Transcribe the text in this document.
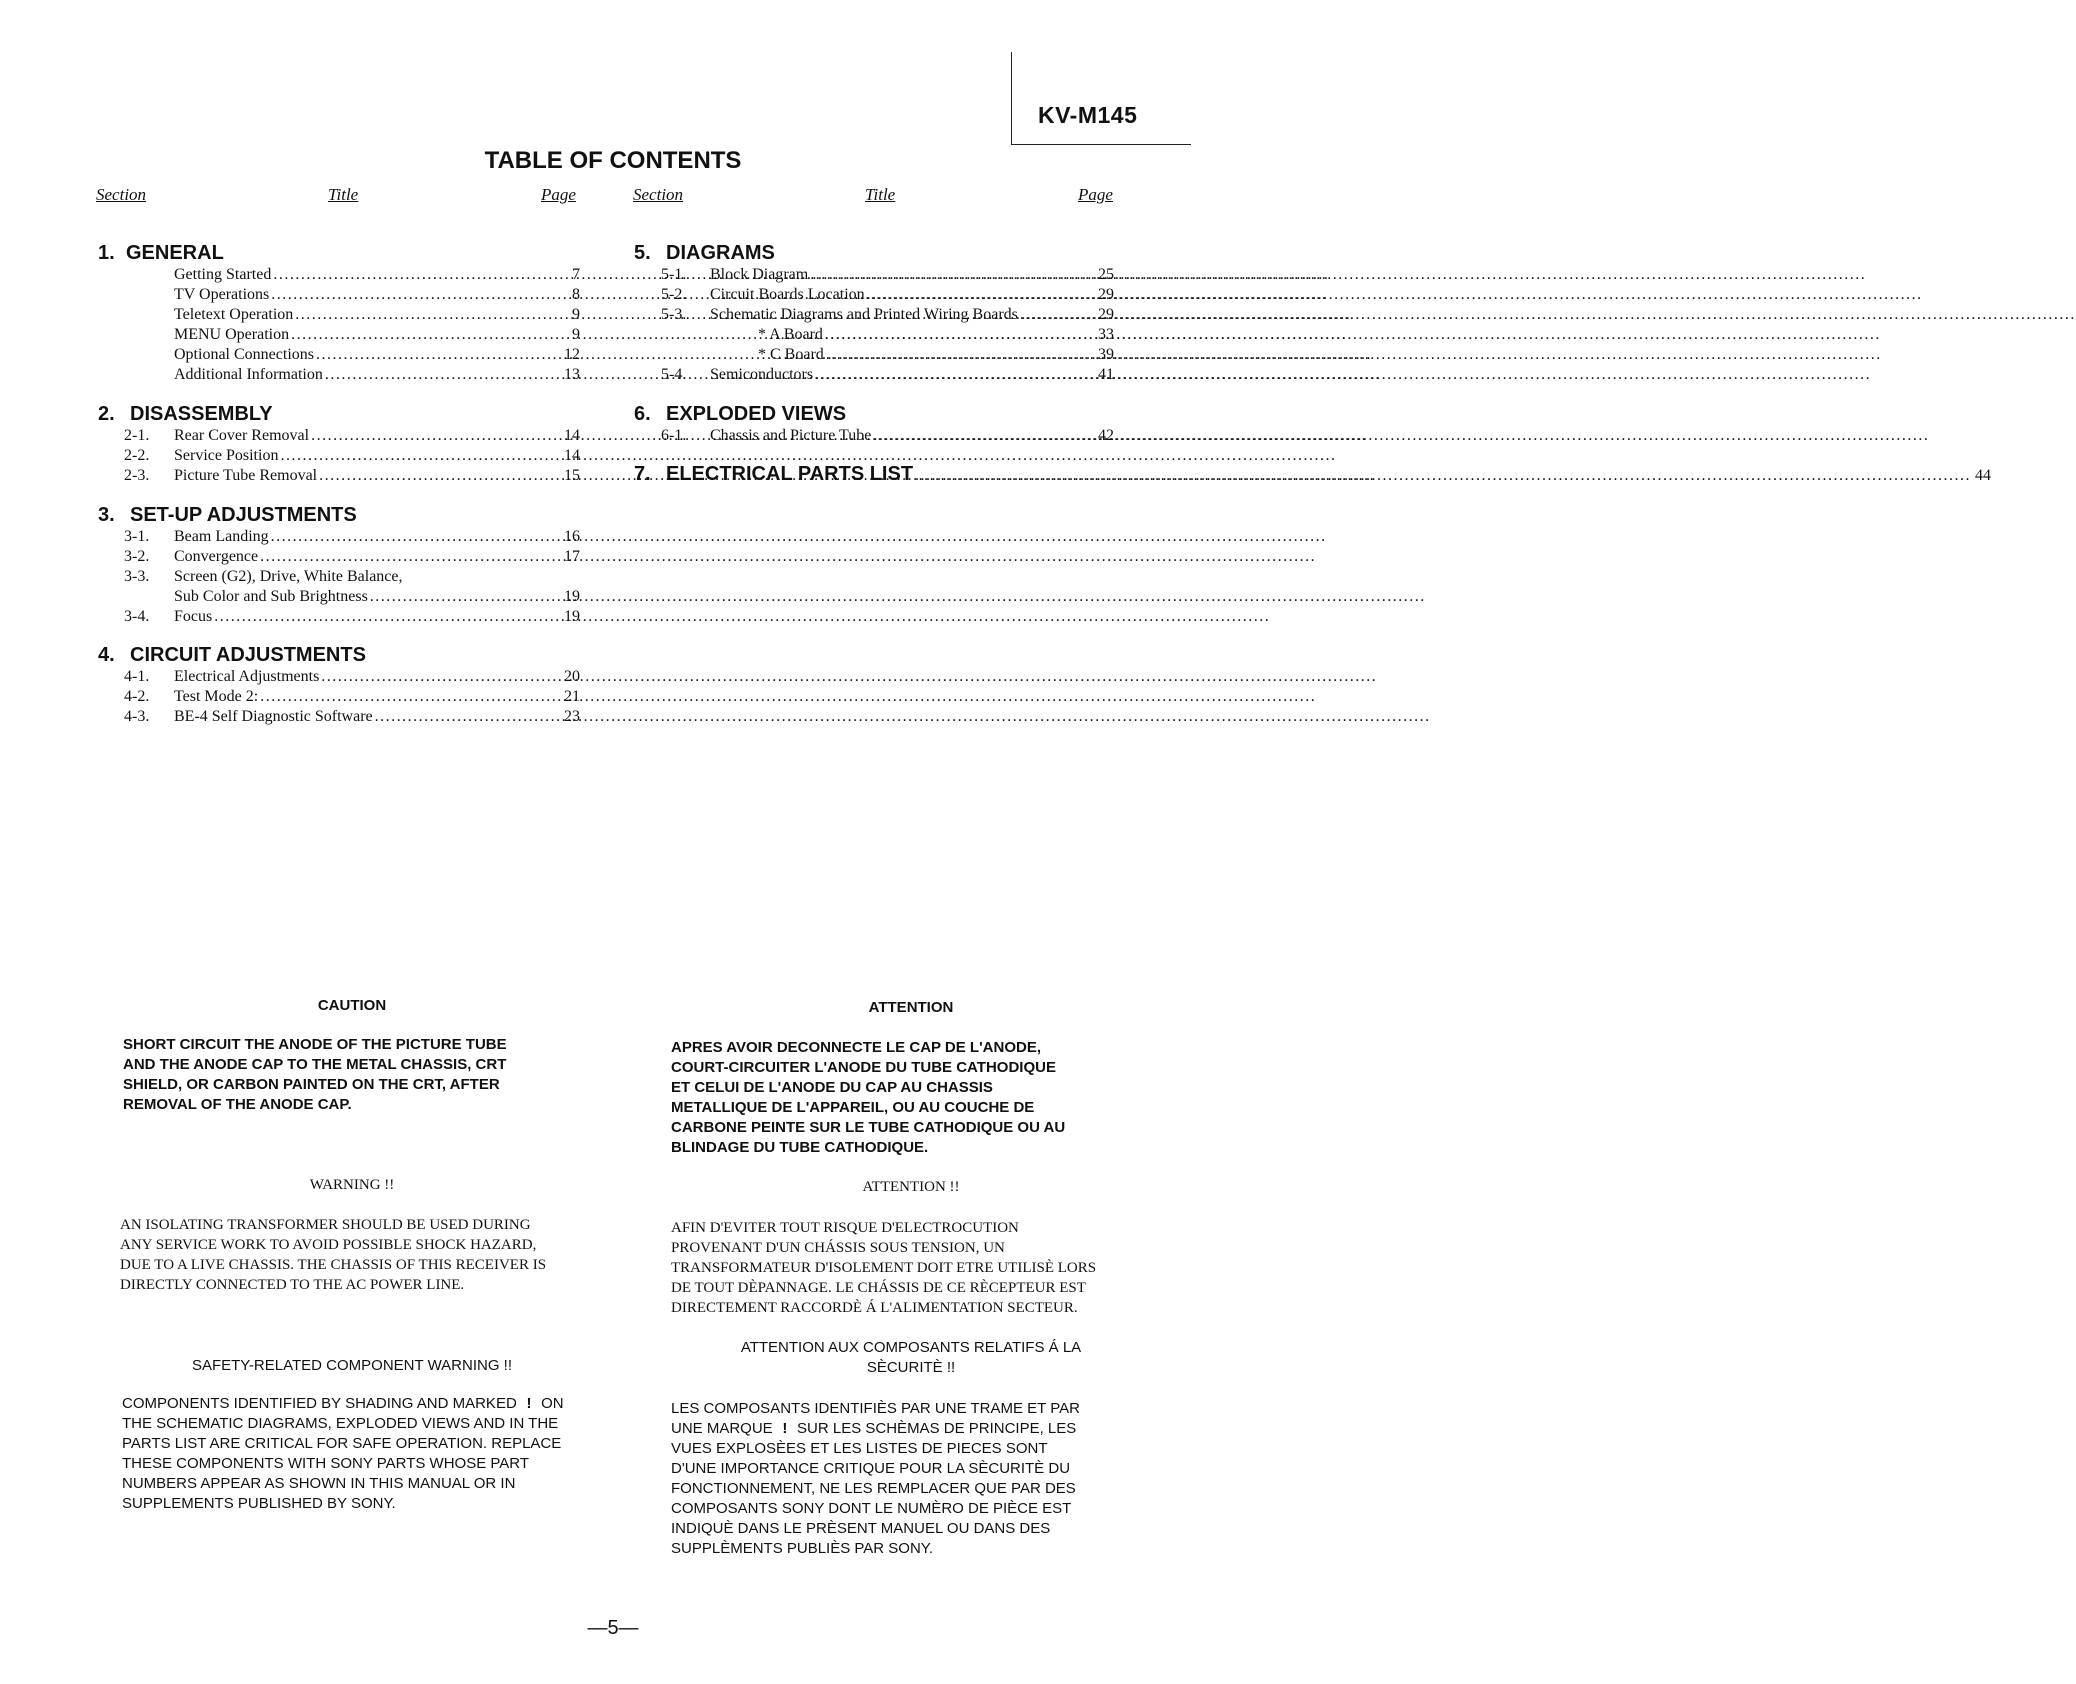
KV-M145
TABLE OF CONTENTS
Section	Title	Page	Section	Title	Page
1. GENERAL
Getting Started .....	7
TV Operations .....	8
Teletext Operation .....	9
MENU Operation .....	9
Optional Connections .....	12
Additional Information .....	13
2. DISASSEMBLY
2-1. Rear Cover Removal .....	14
2-2. Service Position .....	14
2-3. Picture Tube Removal .....	15
3. SET-UP ADJUSTMENTS
3-1. Beam Landing .....	16
3-2. Convergence .....	17
3-3. Screen (G2), Drive, White Balance,
Sub Color and Sub Brightness .....	19
3-4. Focus .....	19
4. CIRCUIT ADJUSTMENTS
4-1. Electrical Adjustments .....	20
4-2. Test Mode 2: .....	21
4-3. BE-4 Self Diagnostic Software .....	23
5. DIAGRAMS
5-1. Block Diagram .....	25
5-2. Circuit Boards Location .....	29
5-3. Schematic Diagrams and Printed Wiring Boards .....	29
* A Board .....	33
* C Board .....	39
5-4. Semiconductors .....	41
6. EXPLODED VIEWS
6-1. Chassis and Picture Tube .....	42
7. ELECTRICAL PARTS LIST .....	44
CAUTION
SHORT CIRCUIT THE ANODE OF THE PICTURE TUBE
AND THE ANODE CAP TO THE METAL CHASSIS, CRT
SHIELD, OR CARBON PAINTED ON THE CRT, AFTER
REMOVAL OF THE ANODE CAP.
WARNING !!
AN ISOLATING TRANSFORMER SHOULD BE USED DURING
ANY SERVICE WORK TO AVOID POSSIBLE SHOCK HAZARD,
DUE TO A LIVE CHASSIS. THE CHASSIS OF THIS RECEIVER IS
DIRECTLY CONNECTED TO THE AC POWER LINE.
SAFETY-RELATED COMPONENT WARNING !!
COMPONENTS IDENTIFIED BY SHADING AND MARKED ! ON
THE SCHEMATIC DIAGRAMS, EXPLODED VIEWS AND IN THE
PARTS LIST ARE CRITICAL FOR SAFE OPERATION. REPLACE
THESE COMPONENTS WITH SONY PARTS WHOSE PART
NUMBERS APPEAR AS SHOWN IN THIS MANUAL OR IN
SUPPLEMENTS PUBLISHED BY SONY.
ATTENTION
APRES AVOIR DECONNECTE LE CAP DE L'ANODE,
COURT-CIRCUITER L'ANODE DU TUBE CATHODIQUE
ET CELUI DE L'ANODE DU CAP AU CHASSIS
METALLIQUE DE L'APPAREIL, OU AU COUCHE DE
CARBONE PEINTE SUR LE TUBE CATHODIQUE OU AU
BLINDAGE DU TUBE CATHODIQUE.
ATTENTION !!
AFIN D'EVITER TOUT RISQUE D'ELECTROCUTION
PROVENANT D'UN CHÁSSIS SOUS TENSION, UN
TRANSFORMATEUR D'ISOLEMENT DOIT ETRE UTILISÈ LORS
DE TOUT DÈPANNAGE. LE CHÁSSIS DE CE RÈCEPTEUR EST
DIRECTEMENT RACCORDÈ Á L'ALIMENTATION SECTEUR.
ATTENTION AUX COMPOSANTS RELATIFS Á LA
SÈCURITÈ !!
LES COMPOSANTS IDENTIFIÈS PAR UNE TRAME ET PAR
UNE MARQUE ! SUR LES SCHÈMAS DE PRINCIPE, LES
VUES EXPLOSÈES ET LES LISTES DE PIECES SONT
D'UNE IMPORTANCE CRITIQUE POUR LA SÈCURITÈ DU
FONCTIONNEMENT, NE LES REMPLACER QUE PAR DES
COMPOSANTS SONY DONT LE NUMÈRO DE PIÈCE EST
INDIQUÈ DANS LE PRÈSENT MANUEL OU DANS DES
SUPPLÈMENTS PUBLIÈS PAR SONY.
—5—
